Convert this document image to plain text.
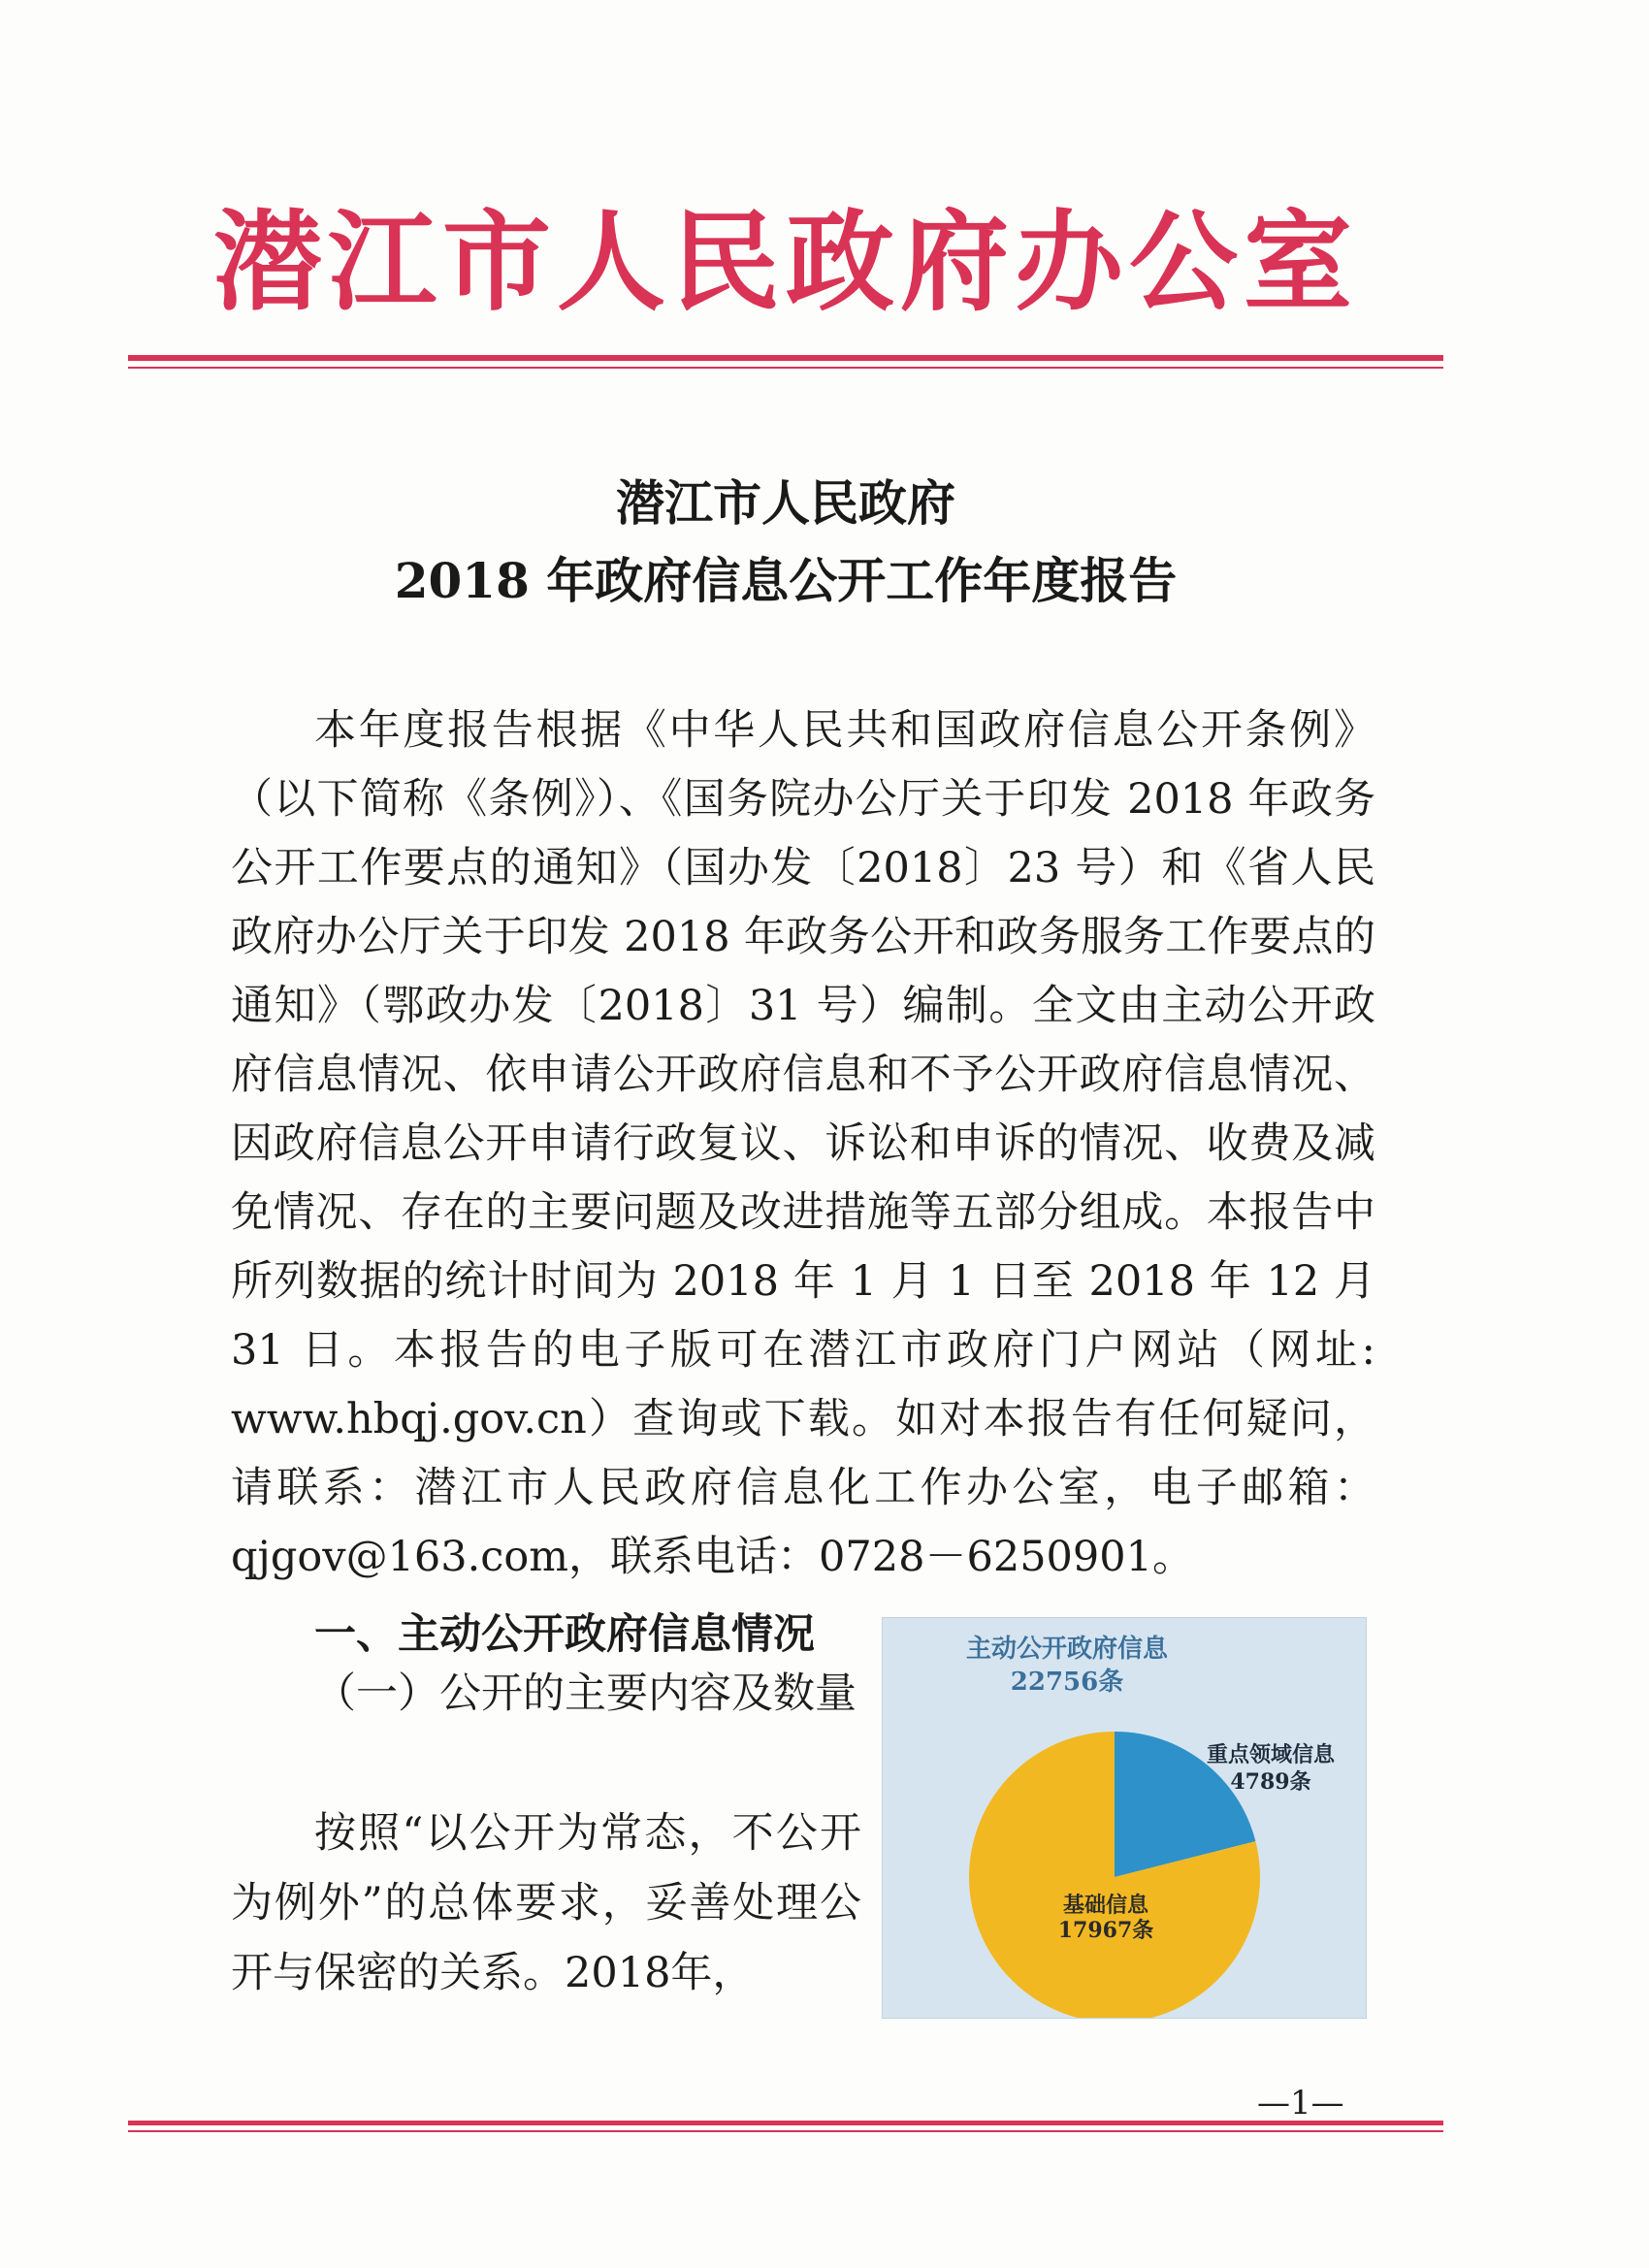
潜江市人民政府办公室
潜江市人民政府
2018 年政府信息公开工作年度报告

本年度报告根据《中华人民共和国政府信息公开条例》（以下简称《条例》）、《国务院办公厅关于印发 2018 年政务公开工作要点的通知》（国办发〔2018〕23 号）和《省人民政府办公厅关于印发 2018 年政务公开和政务服务工作要点的通知》（鄂政办发〔2018〕31 号）编制。全文由主动公开政府信息情况、依申请公开政府信息和不予公开政府信息情况、因政府信息公开申请行政复议、诉讼和申诉的情况、收费及减免情况、存在的主要问题及改进措施等五部分组成。本报告中所列数据的统计时间为 2018 年 1 月 1 日至 2018 年 12 月 31 日。本报告的电子版可在潜江市政府门户网站（网址: www.hbqj.gov.cn）查询或下载。如对本报告有任何疑问，请联系：潜江市人民政府信息化工作办公室，电子邮箱：qjgov@163.com，联系电话：0728－6250901。

一、主动公开政府信息情况

（一）公开的主要内容及数量

按照“以公开为常态，不公开为例外”的总体要求，妥善处理公开与保密的关系。2018年，

主动公开政府信息
22756条
重点领域信息
4789条
基础信息
17967条
—1—
